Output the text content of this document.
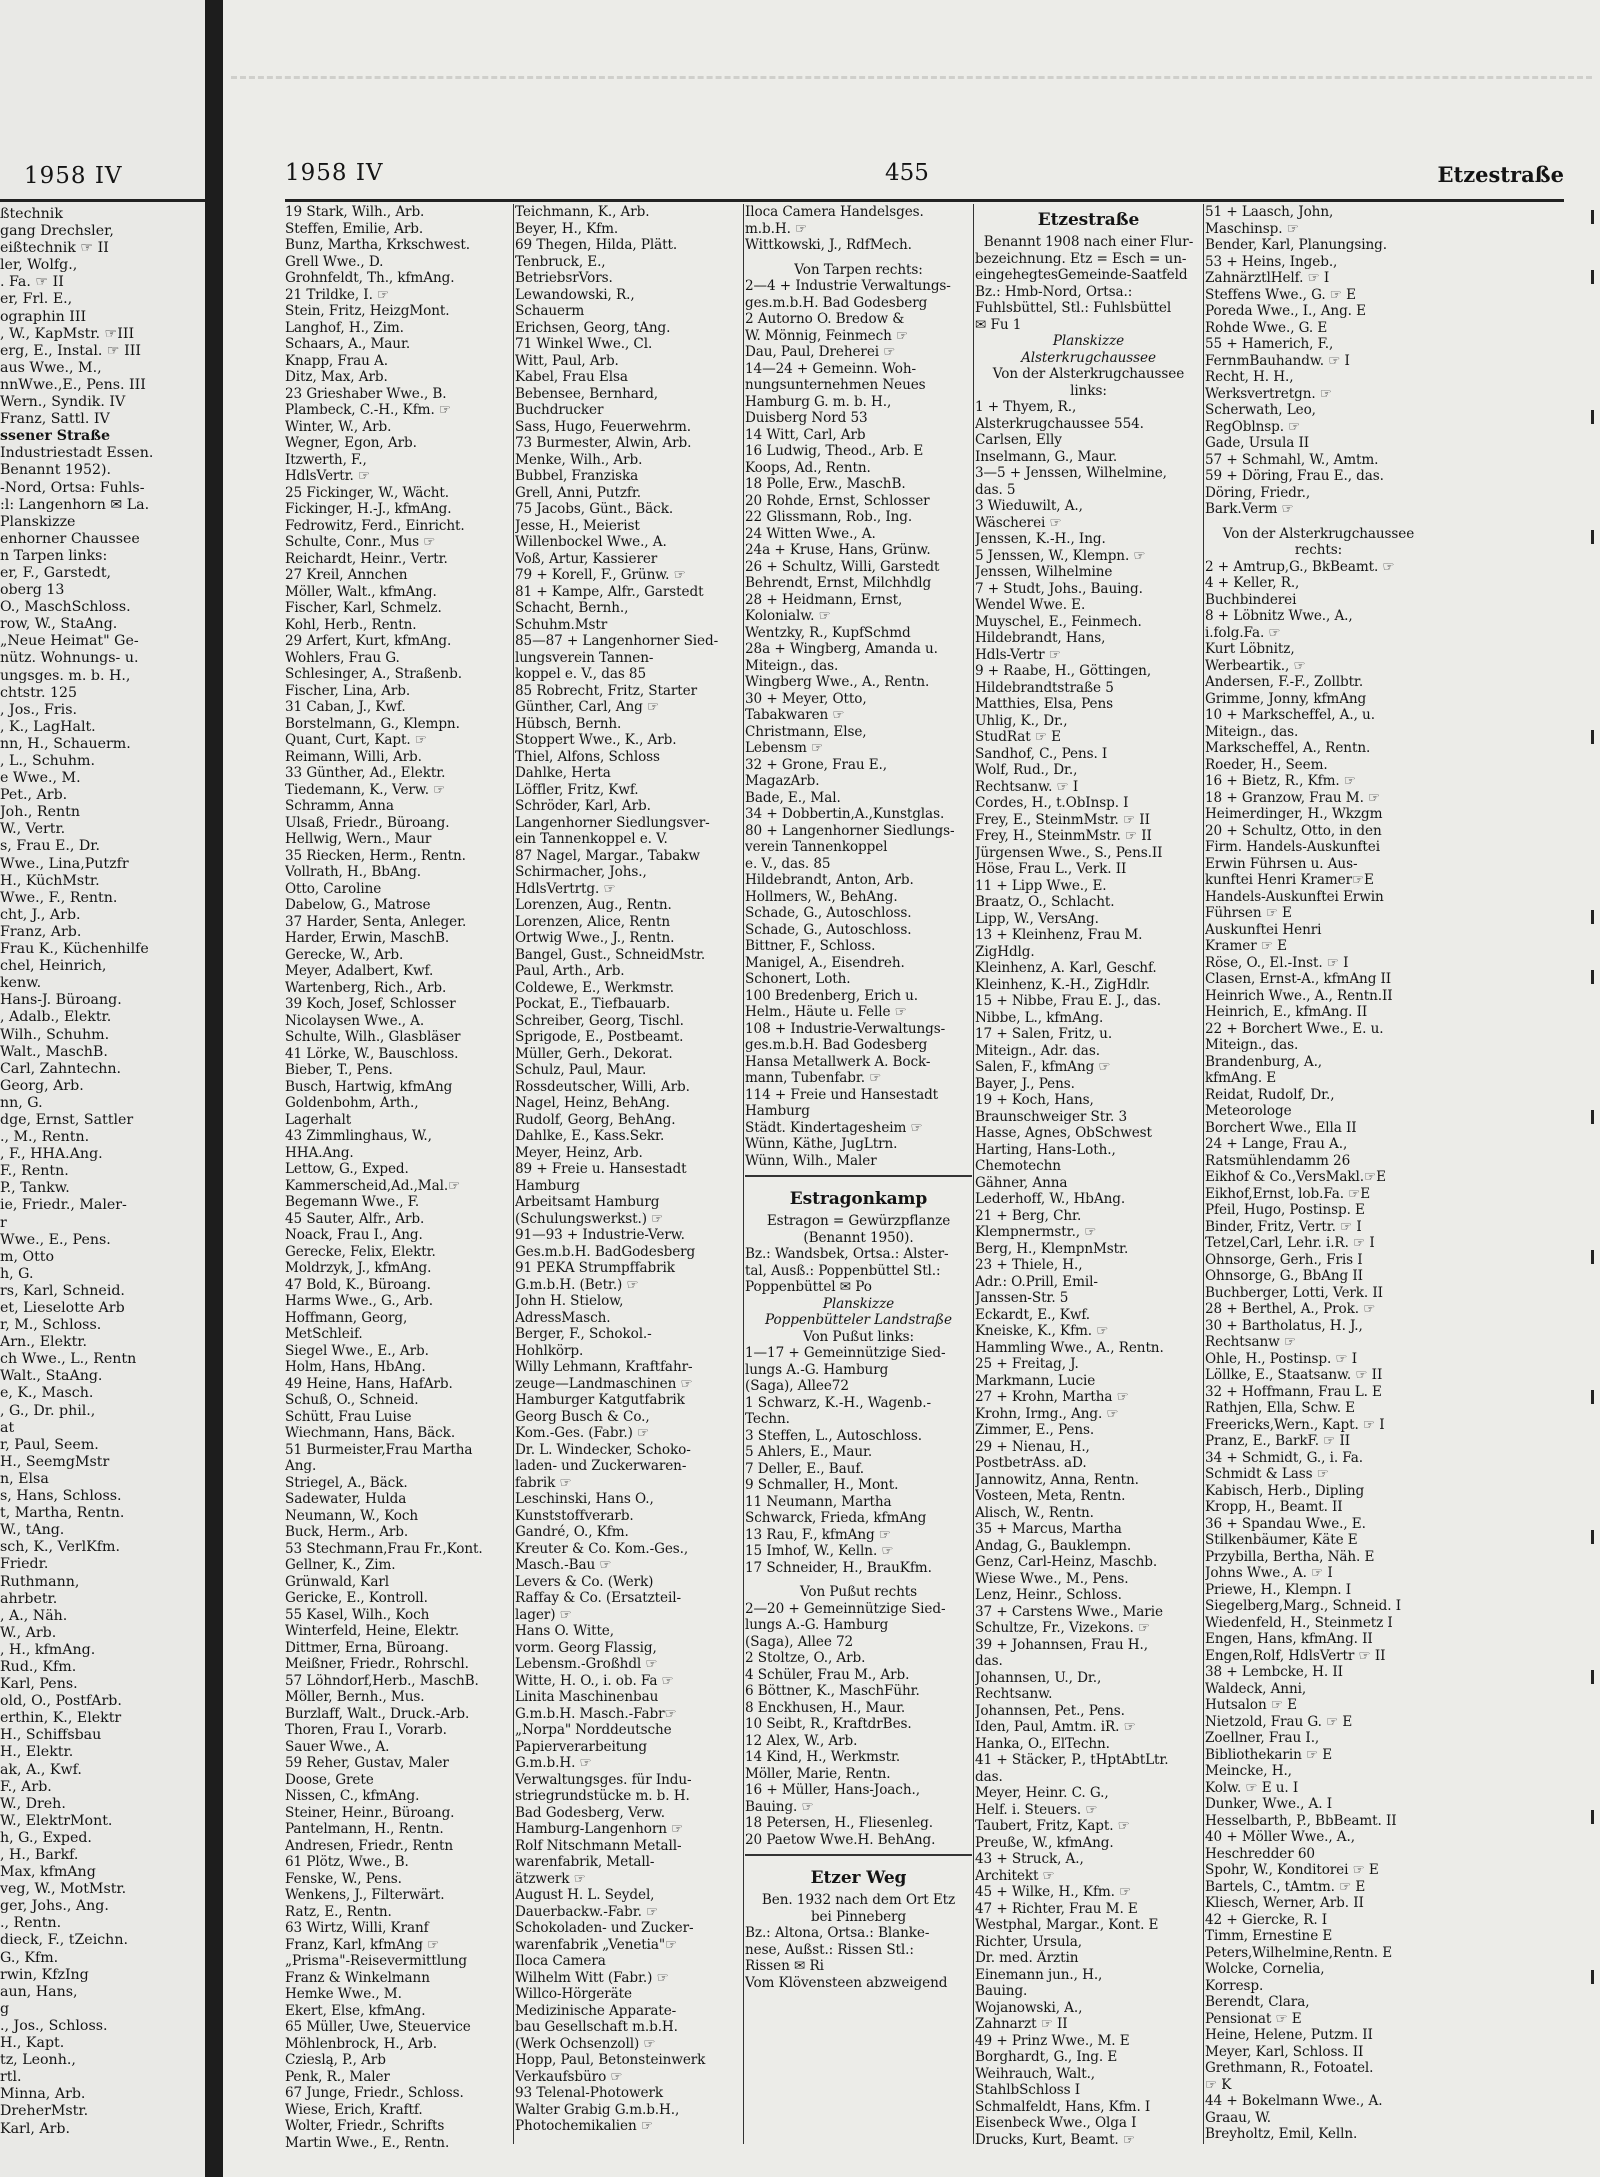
1958 IV
ßtechnik
gang Drechsler,
eißtechnik ☞ II
ler, Wolfg.,
. Fa. ☞ II
er, Frl. E.,
ographin III
, W., KapMstr. ☞III
erg, E., Instal. ☞ III
aus Wwe., M.,
nnWwe.,E., Pens. III
Wern., Syndik. IV
Franz, Sattl. IV
ssener Straße
Industriestadt Essen.
Benannt 1952).
-Nord, Ortsa: Fuhls-
:l: Langenhorn ✉ La.
Planskizze
enhorner Chaussee
n Tarpen links:
er, F., Garstedt,
oberg 13
O., MaschSchloss.
row, W., StaAng.
„Neue Heimat" Ge-
nütz. Wohnungs- u.
ungsges. m. b. H.,
chtstr. 125
, Jos., Fris.
, K., LagHalt.
nn, H., Schauerm.
, L., Schuhm.
e Wwe., M.
Pet., Arb.
Joh., Rentn
W., Vertr.
s, Frau E., Dr.
Wwe., Lina,Putzfr
H., KüchMstr.
Wwe., F., Rentn.
cht, J., Arb.
Franz, Arb.
Frau K., Küchenhilfe
chel, Heinrich,
kenw.
Hans-J. Büroang.
, Adalb., Elektr.
Wilh., Schuhm.
Walt., MaschB.
Carl, Zahntechn.
Georg, Arb.
nn, G.
dge, Ernst, Sattler
., M., Rentn.
, F., HHA.Ang.
F., Rentn.
P., Tankw.
ie, Friedr., Maler-
r
Wwe., E., Pens.
m, Otto
h, G.
rs, Karl, Schneid.
et, Lieselotte Arb
r, M., Schloss.
Arn., Elektr.
ch Wwe., L., Rentn
Walt., StaAng.
e, K., Masch.
, G., Dr. phil.,
at
r, Paul, Seem.
H., SeemgMstr
n, Elsa
s, Hans, Schloss.
t, Martha, Rentn.
W., tAng.
sch, K., VerlKfm.
Friedr.
Ruthmann,
ahrbetr.
, A., Näh.
W., Arb.
, H., kfmAng.
Rud., Kfm.
Karl, Pens.
old, O., PostfArb.
erthin, K., Elektr
H., Schiffsbau
H., Elektr.
ak, A., Kwf.
F., Arb.
W., Dreh.
W., ElektrMont.
h, G., Exped.
, H., Barkf.
Max, kfmAng
veg, W., MotMstr.
ger, Johs., Ang.
., Rentn.
dieck, F., tZeichn.
G., Kfm.
rwin, KfzIng
aun, Hans,
g
., Jos., Schloss.
H., Kapt.
tz, Leonh.,
rtl.
Minna, Arb.
DreherMstr.
Karl, Arb.
1958 IV	455	Etzestraße
19 Stark, Wilh., Arb.
Steffen, Emilie, Arb.
Bunz, Martha, Krkschwest.
Grell Wwe., D.
Grohnfeldt, Th., kfmAng.
21 Trildke, I. ☞
Stein, Fritz, HeizgMont.
Langhof, H., Zim.
Schaars, A., Maur.
Knapp, Frau A.
Ditz, Max, Arb.
23 Grieshaber Wwe., B.
Plambeck, C.-H., Kfm. ☞
Winter, W., Arb.
Wegner, Egon, Arb.
Itzwerth, F.,
HdlsVertr. ☞
25 Fickinger, W., Wächt.
Fickinger, H.-J., kfmAng.
Fedrowitz, Ferd., Einricht.
Schulte, Conr., Mus ☞
Reichardt, Heinr., Vertr.
27 Kreil, Annchen
Möller, Walt., kfmAng.
Fischer, Karl, Schmelz.
Kohl, Herb., Rentn.
29 Arfert, Kurt, kfmAng.
Wohlers, Frau G.
Schlesinger, A., Straßenb.
Fischer, Lina, Arb.
31 Caban, J., Kwf.
Borstelmann, G., Klempn.
Quant, Curt, Kapt. ☞
Reimann, Willi, Arb.
33 Günther, Ad., Elektr.
Tiedemann, K., Verw. ☞
Schramm, Anna
Ulsaß, Friedr., Büroang.
Hellwig, Wern., Maur
35 Riecken, Herm., Rentn.
Vollrath, H., BbAng.
Otto, Caroline
Dabelow, G., Matrose
37 Harder, Senta, Anleger.
Harder, Erwin, MaschB.
Gerecke, W., Arb.
Meyer, Adalbert, Kwf.
Wartenberg, Rich., Arb.
39 Koch, Josef, Schlosser
Nicolaysen Wwe., A.
Schulte, Wilh., Glasbläser
41 Lörke, W., Bauschloss.
Bieber, T., Pens.
Busch, Hartwig, kfmAng
Goldenbohm, Arth.,
Lagerhalt
43 Zimmlinghaus, W.,
HHA.Ang.
Lettow, G., Exped.
Kammerscheid,Ad.,Mal.☞
Begemann Wwe., F.
45 Sauter, Alfr., Arb.
Noack, Frau I., Ang.
Gerecke, Felix, Elektr.
Moldrzyk, J., kfmAng.
47 Bold, K., Büroang.
Harms Wwe., G., Arb.
Hoffmann, Georg,
MetSchleif.
Siegel Wwe., E., Arb.
Holm, Hans, HbAng.
49 Heine, Hans, HafArb.
Schuß, O., Schneid.
Schütt, Frau Luise
Wiechmann, Hans, Bäck.
51 Burmeister,Frau Martha
Ang.
Striegel, A., Bäck.
Sadewater, Hulda
Neumann, W., Koch
Buck, Herm., Arb.
53 Stechmann,Frau Fr.,Kont.
Gellner, K., Zim.
Grünwald, Karl
Gericke, E., Kontroll.
55 Kasel, Wilh., Koch
Winterfeld, Heine, Elektr.
Dittmer, Erna, Büroang.
Meißner, Friedr., Rohrschl.
57 Löhndorf,Herb., MaschB.
Möller, Bernh., Mus.
Burzlaff, Walt., Druck.-Arb.
Thoren, Frau I., Vorarb.
Sauer Wwe., A.
59 Reher, Gustav, Maler
Doose, Grete
Nissen, C., kfmAng.
Steiner, Heinr., Büroang.
Pantelmann, H., Rentn.
Andresen, Friedr., Rentn
61 Plötz, Wwe., B.
Fenske, W., Pens.
Wenkens, J., Filterwärt.
Ratz, E., Rentn.
63 Wirtz, Willi, Kranf
Franz, Karl, kfmAng ☞
„Prisma"-Reisevermittlung
Franz & Winkelmann
Hemke Wwe., M.
Ekert, Else, kfmAng.
65 Müller, Uwe, Steuervice
Möhlenbrock, H., Arb.
Czieslą, P., Arb
Penk, R., Maler
67 Junge, Friedr., Schloss.
Wiese, Erich, Kraftf.
Wolter, Friedr., Schrifts
Martin Wwe., E., Rentn.
Teichmann, K., Arb.
Beyer, H., Kfm.
69 Thegen, Hilda, Plätt.
Tenbruck, E.,
BetriebsrVors.
Lewandowski, R.,
Schauerm
Erichsen, Georg, tAng.
71 Winkel Wwe., Cl.
Witt, Paul, Arb.
Kabel, Frau Elsa
Bebensee, Bernhard,
Buchdrucker
Sass, Hugo, Feuerwehrm.
73 Burmester, Alwin, Arb.
Menke, Wilh., Arb.
Bubbel, Franziska
Grell, Anni, Putzfr.
75 Jacobs, Günt., Bäck.
Jesse, H., Meierist
Willenbockel Wwe., A.
Voß, Artur, Kassierer
79 + Korell, F., Grünw. ☞
81 + Kampe, Alfr., Garstedt
Schacht, Bernh.,
Schuhm.Mstr
85—87 + Langenhorner Sied-
lungsverein Tannen-
koppel e. V., das 85
85 Robrecht, Fritz, Starter
Günther, Carl, Ang ☞
Hübsch, Bernh.
Stoppert Wwe., K., Arb.
Thiel, Alfons, Schloss
Dahlke, Herta
Löffler, Fritz, Kwf.
Schröder, Karl, Arb.
Langenhorner Siedlungsver-
ein Tannenkoppel e. V.
87 Nagel, Margar., Tabakw
Schirmacher, Johs.,
HdlsVertrtg. ☞
Lorenzen, Aug., Rentn.
Lorenzen, Alice, Rentn
Ortwig Wwe., J., Rentn.
Bangel, Gust., SchneidMstr.
Paul, Arth., Arb.
Coldewe, E., Werkmstr.
Pockat, E., Tiefbauarb.
Schreiber, Georg, Tischl.
Sprigode, E., Postbeamt.
Müller, Gerh., Dekorat.
Schulz, Paul, Maur.
Rossdeutscher, Willi, Arb.
Nagel, Heinz, BehAng.
Rudolf, Georg, BehAng.
Dahlke, E., Kass.Sekr.
Meyer, Heinz, Arb.
89 + Freie u. Hansestadt
Hamburg
Arbeitsamt Hamburg
(Schulungswerkst.) ☞
91—93 + Industrie-Verw.
Ges.m.b.H. BadGodesberg
91 PEKA Strumpffabrik
G.m.b.H. (Betr.) ☞
John H. Stielow,
AdressMasch.
Berger, F., Schokol.-
Hohlkörp.
Willy Lehmann, Kraftfahr-
zeuge—Landmaschinen ☞
Hamburger Katgutfabrik
Georg Busch & Co.,
Kom.-Ges. (Fabr.) ☞
Dr. L. Windecker, Schoko-
laden- und Zuckerwaren-
fabrik ☞
Leschinski, Hans O.,
Kunststoffverarb.
Gandré, O., Kfm.
Kreuter & Co. Kom.-Ges.,
Masch.-Bau ☞
Levers & Co. (Werk)
Raffay & Co. (Ersatzteil-
lager) ☞
Hans O. Witte,
vorm. Georg Flassig,
Lebensm.-Großhdl ☞
Witte, H. O., i. ob. Fa ☞
Linita Maschinenbau
G.m.b.H. Masch.-Fabr☞
„Norpa" Norddeutsche
Papierverarbeitung
G.m.b.H. ☞
Verwaltungsges. für Indu-
striegrundstücke m. b. H.
Bad Godesberg, Verw.
Hamburg-Langenhorn ☞
Rolf Nitschmann Metall-
warenfabrik, Metall-
ätzwerk ☞
August H. L. Seydel,
Dauerbackw.-Fabr. ☞
Schokoladen- und Zucker-
warenfabrik „Venetia"☞
Iloca Camera
Wilhelm Witt (Fabr.) ☞
Willco-Hörgeräte
Medizinische Apparate-
bau Gesellschaft m.b.H.
(Werk Ochsenzoll) ☞
Hopp, Paul, Betonsteinwerk
Verkaufsbüro ☞
93 Telenal-Photowerk
Walter Grabig G.m.b.H.,
Photochemikalien ☞
Iloca Camera Handelsges.
m.b.H. ☞
Wittkowski, J., RdfMech.
Von Tarpen rechts:
2—4 + Industrie Verwaltungs-
ges.m.b.H. Bad Godesberg
2 Autorno O. Bredow &
W. Mönnig, Feinmech ☞
Dau, Paul, Dreherei ☞
14—24 + Gemeinn. Woh-
nungsunternehmen Neues
Hamburg G. m. b. H.,
Duisberg Nord 53
14 Witt, Carl, Arb
16 Ludwig, Theod., Arb. E
Koops, Ad., Rentn.
18 Polle, Erw., MaschB.
20 Rohde, Ernst, Schlosser
22 Glissmann, Rob., Ing.
24 Witten Wwe., A.
24a + Kruse, Hans, Grünw.
26 + Schultz, Willi, Garstedt
Behrendt, Ernst, Milchhdlg
28 + Heidmann, Ernst,
Kolonialw. ☞
Wentzky, R., KupfSchmd
28a + Wingberg, Amanda u.
Miteign., das.
Wingberg Wwe., A., Rentn.
30 + Meyer, Otto,
Tabakwaren ☞
Christmann, Else,
Lebensm ☞
32 + Grone, Frau E.,
MagazArb.
Bade, E., Mal.
34 + Dobbertin,A.,Kunstglas.
80 + Langenhorner Siedlungs-
verein Tannenkoppel
e. V., das. 85
Hildebrandt, Anton, Arb.
Hollmers, W., BehAng.
Schade, G., Autoschloss.
Schade, G., Autoschloss.
Bittner, F., Schloss.
Manigel, A., Eisendreh.
Schonert, Loth.
100 Bredenberg, Erich u.
Helm., Häute u. Felle ☞
108 + Industrie-Verwaltungs-
ges.m.b.H. Bad Godesberg
Hansa Metallwerk A. Bock-
mann, Tubenfabr. ☞
114 + Freie und Hansestadt
Hamburg
Städt. Kindertagesheim ☞
Wünn, Käthe, JugLtrn.
Wünn, Wilh., Maler
Estragonkamp
Estragon = Gewürzpflanze
(Benannt 1950).
Bz.: Wandsbek, Ortsa.: Alster-
tal, Ausß.: Poppenbüttel Stl.:
Poppenbüttel ✉ Po
Planskizze
Poppenbütteler Landstraße
Von Pußut links:
1—17 + Gemeinnützige Sied-
lungs A.-G. Hamburg
(Saga), Allee72
1 Schwarz, K.-H., Wagenb.-
Techn.
3 Steffen, L., Autoschloss.
5 Ahlers, E., Maur.
7 Deller, E., Bauf.
9 Schmaller, H., Mont.
11 Neumann, Martha
Schwarck, Frieda, kfmAng
13 Rau, F., kfmAng ☞
15 Imhof, W., Kelln. ☞
17 Schneider, H., BrauKfm.
Von Pußut rechts
2—20 + Gemeinnützige Sied-
lungs A.-G. Hamburg
(Saga), Allee 72
2 Stoltze, O., Arb.
4 Schüler, Frau M., Arb.
6 Böttner, K., MaschFühr.
8 Enckhusen, H., Maur.
10 Seibt, R., KraftdrBes.
12 Alex, W., Arb.
14 Kind, H., Werkmstr.
Möller, Marie, Rentn.
16 + Müller, Hans-Joach.,
Bauing. ☞
18 Petersen, H., Fliesenleg.
20 Paetow Wwe.H. BehAng.
Etzer Weg
Ben. 1932 nach dem Ort Etz
bei Pinneberg
Bz.: Altona, Ortsa.: Blanke-
nese, Außst.: Rissen Stl.:
Rissen ✉ Ri
Vom Klövensteen abzweigend
Etzestraße
Benannt 1908 nach einer Flur-
bezeichnung. Etz = Esch = un-
eingehegtesGemeinde-Saatfeld
Bz.: Hmb-Nord, Ortsa.:
Fuhlsbüttel, Stl.: Fuhlsbüttel
✉ Fu 1
Planskizze
Alsterkrugchaussee
Von der Alsterkrugchaussee
links:
1 + Thyem, R.,
Alsterkrugchaussee 554.
Carlsen, Elly
Inselmann, G., Maur.
3—5 + Jenssen, Wilhelmine,
das. 5
3 Wieduwilt, A.,
Wäscherei ☞
Jenssen, K.-H., Ing.
5 Jenssen, W., Klempn. ☞
Jenssen, Wilhelmine
7 + Studt, Johs., Bauing.
Wendel Wwe. E.
Muyschel, E., Feinmech.
Hildebrandt, Hans,
Hdls-Vertr ☞
9 + Raabe, H., Göttingen,
Hildebrandtstraße 5
Matthies, Elsa, Pens
Uhlig, K., Dr.,
StudRat ☞ E
Sandhof, C., Pens. I
Wolf, Rud., Dr.,
Rechtsanw. ☞ I
Cordes, H., t.ObInsp. I
Frey, E., SteinmMstr. ☞ II
Frey, H., SteinmMstr. ☞ II
Jürgensen Wwe., S., Pens.II
Höse, Frau L., Verk. II
11 + Lipp Wwe., E.
Braatz, O., Schlacht.
Lipp, W., VersAng.
13 + Kleinhenz, Frau M.
ZigHdlg.
Kleinhenz, A. Karl, Geschf.
Kleinhenz, K.-H., ZigHdlr.
15 + Nibbe, Frau E. J., das.
Nibbe, L., kfmAng.
17 + Salen, Fritz, u.
Miteign., Adr. das.
Salen, F., kfmAng ☞
Bayer, J., Pens.
19 + Koch, Hans,
Braunschweiger Str. 3
Hasse, Agnes, ObSchwest
Harting, Hans-Loth.,
Chemotechn
Gähner, Anna
Lederhoff, W., HbAng.
21 + Berg, Chr.
Klempnermstr., ☞
Berg, H., KlempnMstr.
23 + Thiele, H.,
Adr.: O.Prill, Emil-
Janssen-Str. 5
Eckardt, E., Kwf.
Kneiske, K., Kfm. ☞
Hammling Wwe., A., Rentn.
25 + Freitag, J.
Markmann, Lucie
27 + Krohn, Martha ☞
Krohn, Irmg., Ang. ☞
Zimmer, E., Pens.
29 + Nienau, H.,
PostbetrAss. aD.
Jannowitz, Anna, Rentn.
Vosteen, Meta, Rentn.
Alisch, W., Rentn.
35 + Marcus, Martha
Andag, G., Bauklempn.
Genz, Carl-Heinz, Maschb.
Wiese Wwe., M., Pens.
Lenz, Heinr., Schloss.
37 + Carstens Wwe., Marie
Schultze, Fr., Vizekons. ☞
39 + Johannsen, Frau H.,
das.
Johannsen, U., Dr.,
Rechtsanw.
Johannsen, Pet., Pens.
Iden, Paul, Amtm. iR. ☞
Hanka, O., ElTechn.
41 + Stäcker, P., tHptAbtLtr.
das.
Meyer, Heinr. C. G.,
Helf. i. Steuers. ☞
Taubert, Fritz, Kapt. ☞
Preuße, W., kfmAng.
43 + Struck, A.,
Architekt ☞
45 + Wilke, H., Kfm. ☞
47 + Richter, Frau M. E
Westphal, Margar., Kont. E
Richter, Ursula,
Dr. med. Ärztin
Einemann jun., H.,
Bauing.
Wojanowski, A.,
Zahnarzt ☞ II
49 + Prinz Wwe., M. E
Borghardt, G., Ing. E
Weihrauch, Walt.,
StahlbSchloss I
Schmalfeldt, Hans, Kfm. I
Eisenbeck Wwe., Olga I
Drucks, Kurt, Beamt. ☞
51 + Laasch, John,
Maschinsp. ☞
Bender, Karl, Planungsing.
53 + Heins, Ingeb.,
ZahnärztlHelf. ☞ I
Steffens Wwe., G. ☞ E
Poreda Wwe., I., Ang. E
Rohde Wwe., G. E
55 + Hamerich, F.,
FernmBauhandw. ☞ I
Recht, H. H.,
Werksvertretgn. ☞
Scherwath, Leo,
RegOblnsp. ☞
Gade, Ursula II
57 + Schmahl, W., Amtm.
59 + Döring, Frau E., das.
Döring, Friedr.,
Bark.Verm ☞
Von der Alsterkrugchaussee
rechts:
2 + Amtrup,G., BkBeamt. ☞
4 + Keller, R.,
Buchbinderei
8 + Löbnitz Wwe., A.,
i.folg.Fa. ☞
Kurt Löbnitz,
Werbeartik., ☞
Andersen, F.-F., Zollbtr.
Grimme, Jonny, kfmAng
10 + Markscheffel, A., u.
Miteign., das.
Markscheffel, A., Rentn.
Roeder, H., Seem.
16 + Bietz, R., Kfm. ☞
18 + Granzow, Frau M. ☞
Heimerdinger, H., Wkzgm
20 + Schultz, Otto, in den
Firm. Handels-Auskunftei
Erwin Führsen u. Aus-
kunftei Henri Kramer☞E
Handels-Auskunftei Erwin
Führsen ☞ E
Auskunftei Henri
Kramer ☞ E
Röse, O., El.-Inst. ☞ I
Clasen, Ernst-A., kfmAng II
Heinrich Wwe., A., Rentn.II
Heinrich, E., kfmAng. II
22 + Borchert Wwe., E. u.
Miteign., das.
Brandenburg, A.,
kfmAng. E
Reidat, Rudolf, Dr.,
Meteorologe
Borchert Wwe., Ella II
24 + Lange, Frau A.,
Ratsmühlendamm 26
Eikhof & Co.,VersMakl.☞E
Eikhof,Ernst, lob.Fa. ☞E
Pfeil, Hugo, Postinsp. E
Binder, Fritz, Vertr. ☞ I
Tetzel,Carl, Lehr. i.R. ☞ I
Ohnsorge, Gerh., Fris I
Ohnsorge, G., BbAng II
Buchberger, Lotti, Verk. II
28 + Berthel, A., Prok. ☞
30 + Bartholatus, H. J.,
Rechtsanw ☞
Ohle, H., Postinsp. ☞ I
Löllke, E., Staatsanw. ☞ II
32 + Hoffmann, Frau L. E
Rathjen, Ella, Schw. E
Freericks,Wern., Kapt. ☞ I
Pranz, E., BarkF. ☞ II
34 + Schmidt, G., i. Fa.
Schmidt & Lass ☞
Kabisch, Herb., Dipling
Kropp, H., Beamt. II
36 + Spandau Wwe., E.
Stilkenbäumer, Käte E
Przybilla, Bertha, Näh. E
Johns Wwe., A. ☞ I
Priewe, H., Klempn. I
Siegelberg,Marg., Schneid. I
Wiedenfeld, H., Steinmetz I
Engen, Hans, kfmAng. II
Engen,Rolf, HdlsVertr ☞ II
38 + Lembcke, H. II
Waldeck, Anni,
Hutsalon ☞ E
Nietzold, Frau G. ☞ E
Zoellner, Frau I.,
Bibliothekarin ☞ E
Meincke, H.,
Kolw. ☞ E u. I
Dunker, Wwe., A. I
Hesselbarth, P., BbBeamt. II
40 + Möller Wwe., A.,
Heschredder 60
Spohr, W., Konditorei ☞ E
Bartels, C., tAmtm. ☞ E
Kliesch, Werner, Arb. II
42 + Giercke, R. I
Timm, Ernestine E
Peters,Wilhelmine,Rentn. E
Wolcke, Cornelia,
Korresp.
Berendt, Clara,
Pensionat ☞ E
Heine, Helene, Putzm. II
Meyer, Karl, Schloss. II
Grethmann, R., Fotoatel.
☞ K
44 + Bokelmann Wwe., A.
Graau, W.
Breyholtz, Emil, Kelln.
